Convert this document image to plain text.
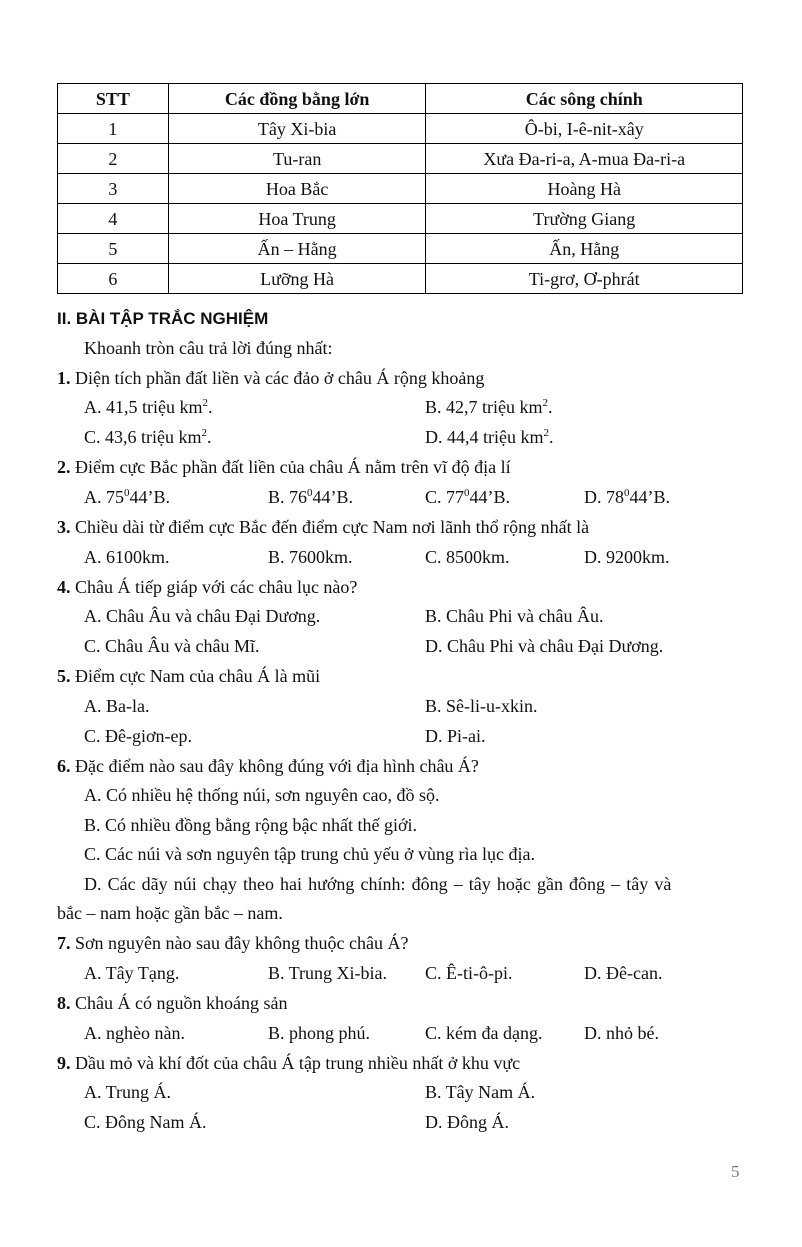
STT	Các đồng bằng lớn	Các sông chính
1	Tây Xi-bia	Ô-bi, I-ê-nit-xây
2	Tu-ran	Xưa Đa-ri-a, A-mua Đa-ri-a
3	Hoa Bắc	Hoàng Hà
4	Hoa Trung	Trường Giang
5	Ấn – Hằng	Ấn, Hằng
6	Lưỡng Hà	Ti-grơ, Ơ-phrát
II. BÀI TẬP TRẮC NGHIỆM
Khoanh tròn câu trả lời đúng nhất:
1. Diện tích phần đất liền và các đảo ở châu Á rộng khoảng
A. 41,5 triệu $km^2$.	B. 42,7 triệu $km^2$.
C. 43,6 triệu $km^2$.	D. 44,4 triệu $km^2$.
2. Điểm cực Bắc phần đất liền của châu Á nằm trên vĩ độ địa lí
A. $75^044’B$.	B. $76^044’B$.	C. $77^044’B$.	D. $78^044’B$.
3. Chiều dài từ điểm cực Bắc đến điểm cực Nam nơi lãnh thổ rộng nhất là
A. 6100km.	B. 7600km.	C. 8500km.	D. 9200km.
4. Châu Á tiếp giáp với các châu lục nào?
A. Châu Âu và châu Đại Dương.	B. Châu Phi và châu Âu.
C. Châu Âu và châu Mĩ.	D. Châu Phi và châu Đại Dương.
5. Điểm cực Nam của châu Á là mũi
A. Ba-la.	B. Sê-li-u-xkin.
C. Đê-giơn-ep.	D. Pi-ai.
6. Đặc điểm nào sau đây không đúng với địa hình châu Á?
A. Có nhiều hệ thống núi, sơn nguyên cao, đồ sộ.
B. Có nhiều đồng bằng rộng bậc nhất thế giới.
C. Các núi và sơn nguyên tập trung chủ yếu ở vùng rìa lục địa.
D. Các dãy núi chạy theo hai hướng chính: đông – tây hoặc gần đông – tây và
bắc – nam hoặc gần bắc – nam.
7. Sơn nguyên nào sau đây không thuộc châu Á?
A. Tây Tạng.	B. Trung Xi-bia. C. Ê-ti-ô-pi.	D. Đê-can.
8. Châu Á có nguồn khoáng sản
A. nghèo nàn.	B. phong phú.	C. kém đa dạng. D. nhỏ bé.
9. Dầu mỏ và khí đốt của châu Á tập trung nhiều nhất ở khu vực
A. Trung Á.	B. Tây Nam Á.
C. Đông Nam Á.	D. Đông Á.
5
